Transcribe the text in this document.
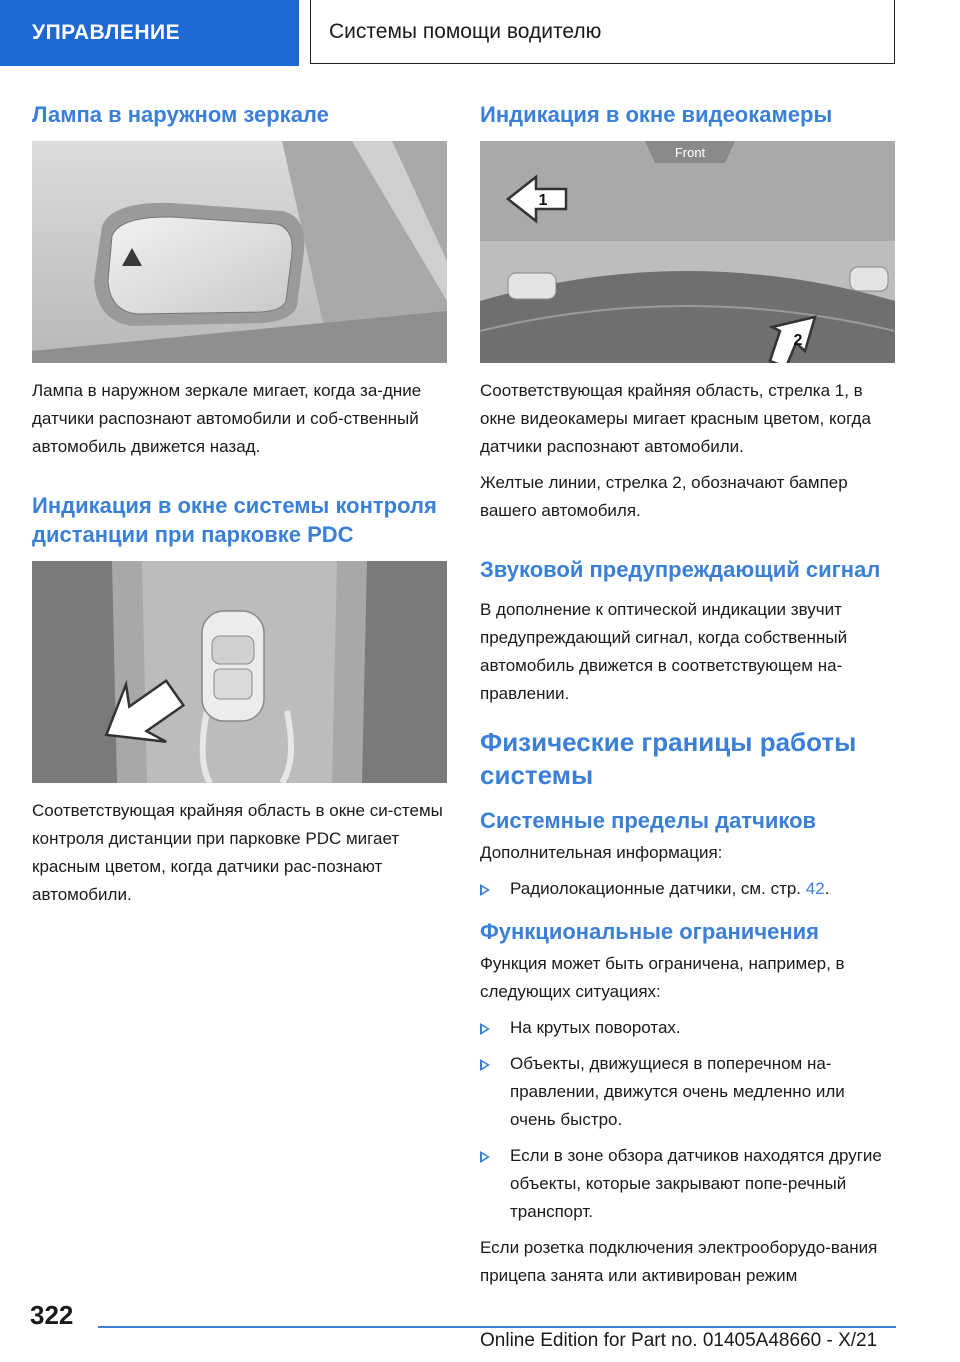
УПРАВЛЕНИЕ	Системы помощи водителю
Лампа в наружном зеркале

Лампа в наружном зеркале мигает, когда за-дние датчики распознают автомобили и соб-ственный автомобиль движется назад.

Индикация в окне системы контроля дистанции при парковке PDC

Соответствующая крайняя область в окне си-стемы контроля дистанции при парковке PDC мигает красным цветом, когда датчики рас-познают автомобили.

Индикация в окне видеокамеры
Front
1
2

Соответствующая крайняя область, стрелка 1, в окне видеокамеры мигает красным цветом, когда датчики распознают автомобили.

Желтые линии, стрелка 2, обозначают бампер вашего автомобиля.

Звуковой предупреждающий сигнал

В дополнение к оптической индикации звучит предупреждающий сигнал, когда собственный автомобиль движется в соответствующем на-правлении.

Физические границы работы системы
Системные пределы датчиков

Дополнительная информация:

Радиолокационные датчики, см. стр. 42.
Функциональные ограничения

Функция может быть ограничена, например, в следующих ситуациях:

На крутых поворотах.
Объекты, движущиеся в поперечном на-правлении, движутся очень медленно или очень быстро.
Если в зоне обзора датчиков находятся другие объекты, которые закрывают попе-речный транспорт.

Если розетка подключения электрооборудо-вания прицепа занята или активирован режим

322
Online Edition for Part no. 01405A48660 - X/21
